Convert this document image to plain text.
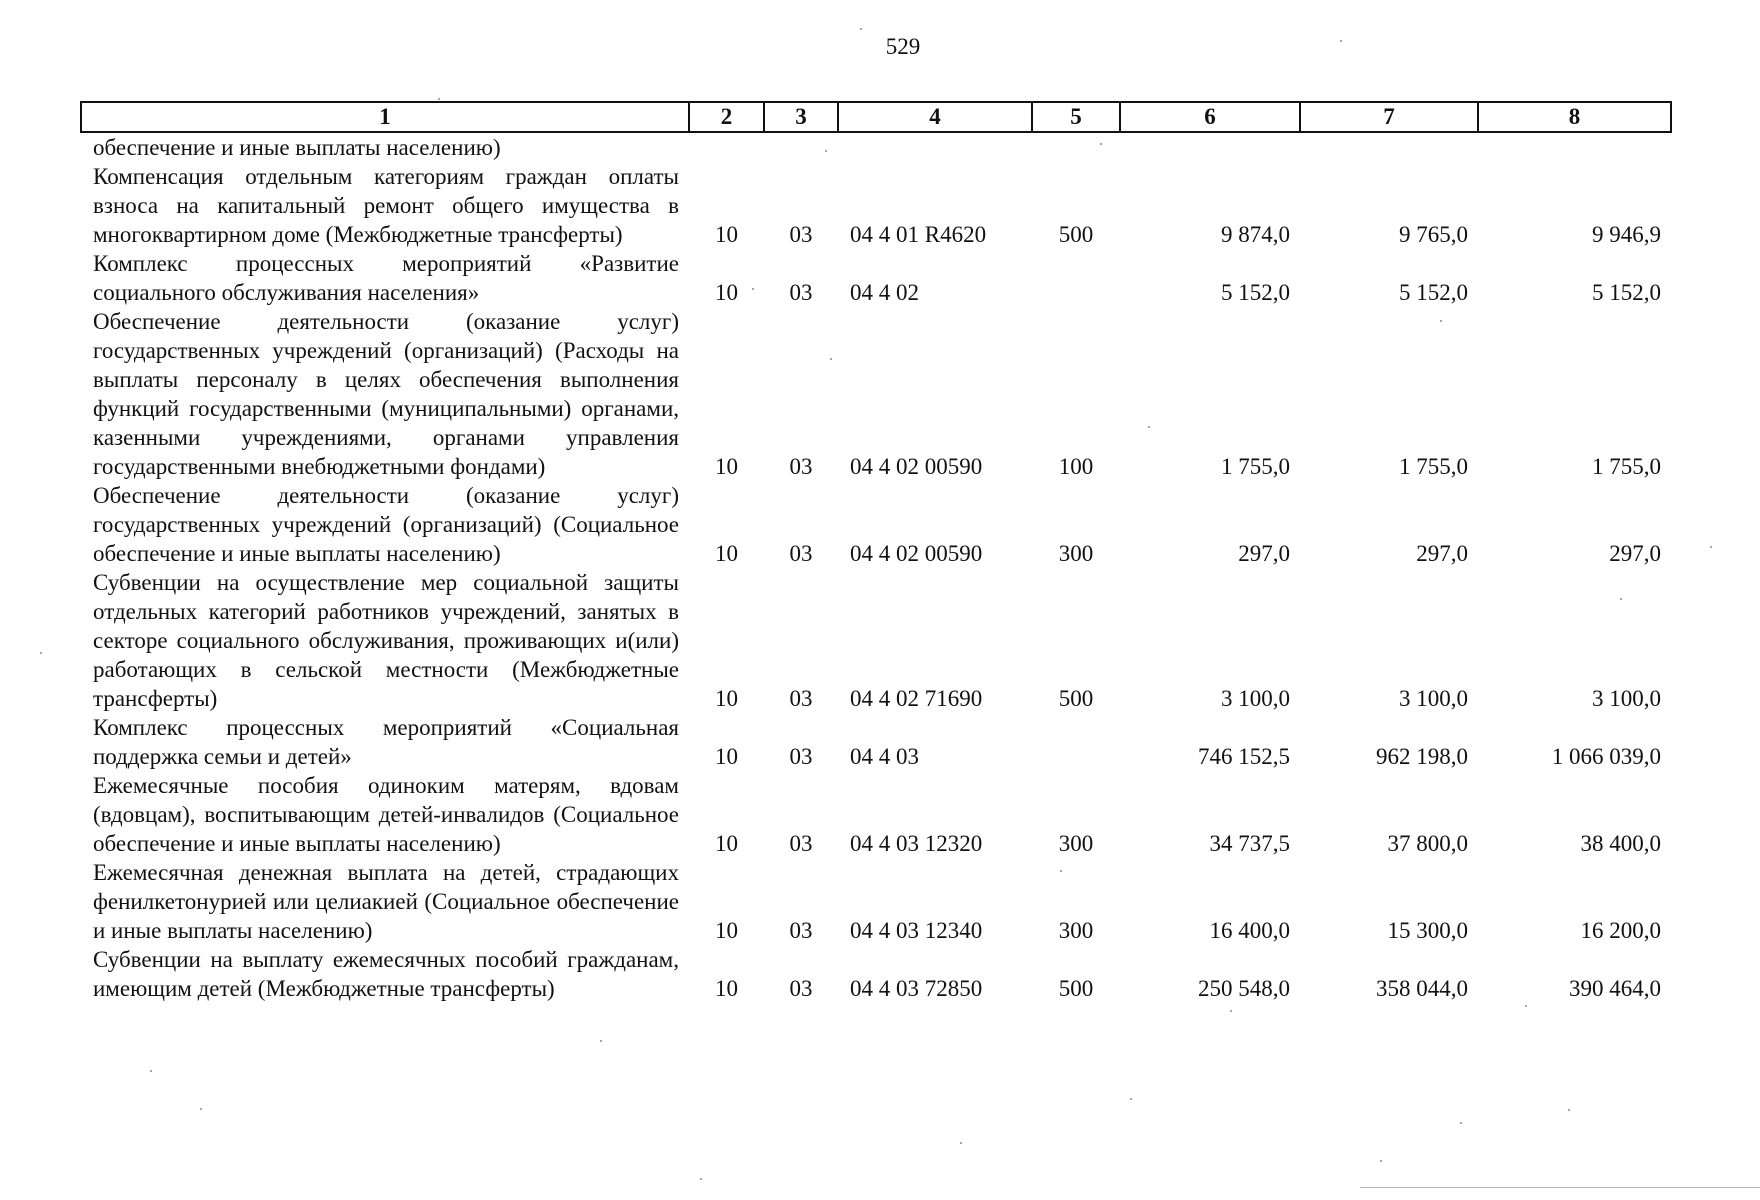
529
1	2	3	4	5	6	7	8
обеспечение и иные выплаты населению)							
Компенсация отдельным категориям граждан оплаты взноса на капитальный ремонт общего имущества в многоквартирном доме (Межбюджетные трансферты)	10	03	04 4 01 R4620	500	9 874,0	9 765,0	9 946,9
Комплекс процессных мероприятий «Развитие социального обслуживания населения»	10	03	04 4 02		5 152,0	5 152,0	5 152,0
Обеспечение деятельности (оказание услуг) государственных учреждений (организаций) (Расходы на выплаты персоналу в целях обеспечения выполнения функций государственными (муниципальными) органами, казенными учреждениями, органами управления государственными внебюджетными фондами)	10	03	04 4 02 00590	100	1 755,0	1 755,0	1 755,0
Обеспечение деятельности (оказание услуг) государственных учреждений (организаций) (Социальное обеспечение и иные выплаты населению)	10	03	04 4 02 00590	300	297,0	297,0	297,0
Субвенции на осуществление мер социальной защиты отдельных категорий работников учреждений, занятых в секторе социального обслуживания, проживающих и(или) работающих в сельской местности (Межбюджетные трансферты)	10	03	04 4 02 71690	500	3 100,0	3 100,0	3 100,0
Комплекс процессных мероприятий «Социальная поддержка семьи и детей»	10	03	04 4 03		746 152,5	962 198,0	1 066 039,0
Ежемесячные пособия одиноким матерям, вдовам (вдовцам), воспитывающим детей-инвалидов (Социальное обеспечение и иные выплаты населению)	10	03	04 4 03 12320	300	34 737,5	37 800,0	38 400,0
Ежемесячная денежная выплата на детей, страдающих фенилкетонурией или целиакией (Социальное обеспечение и иные выплаты населению)	10	03	04 4 03 12340	300	16 400,0	15 300,0	16 200,0
Субвенции на выплату ежемесячных пособий гражданам, имеющим детей (Межбюджетные трансферты)	10	03	04 4 03 72850	500	250 548,0	358 044,0	390 464,0
